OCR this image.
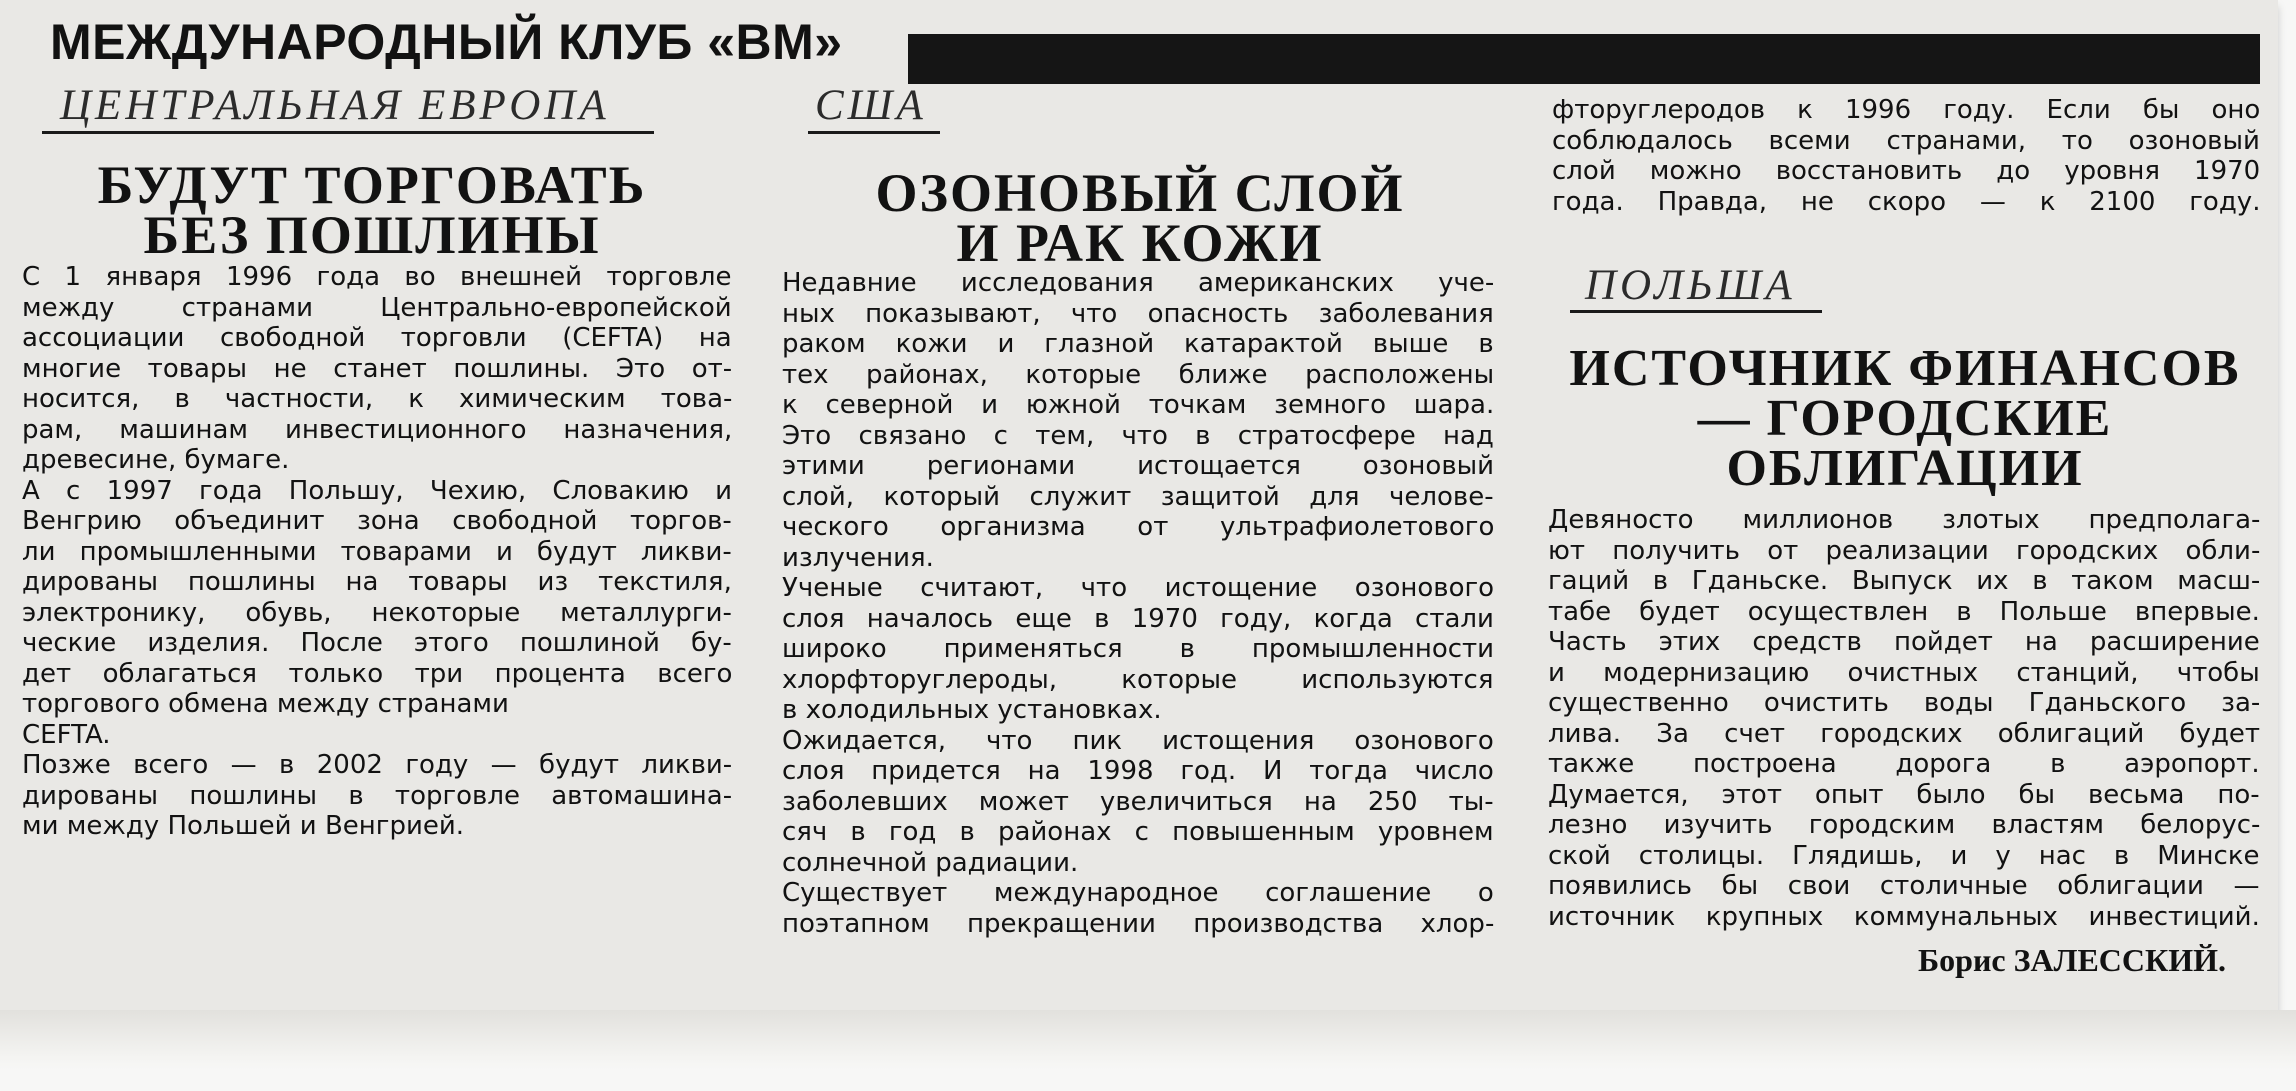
МЕЖДУНАРОДНЫЙ КЛУБ «ВМ»
ЦЕНТРАЛЬНАЯ ЕВРОПА
БУДУТ ТОРГОВАТЬ
БЕЗ ПОШЛИНЫ
С 1 января 1996 года во внешней торговле
между странами Центрально-европейской
ассоциации свободной торговли (CEFTA) на
многие товары не станет пошлины. Это от-
носится, в частности, к химическим това-
рам, машинам инвестиционного назначения,
древесине, бумаге.
А с 1997 года Польшу, Чехию, Словакию и
Венгрию объединит зона свободной торгов-
ли промышленными товарами и будут ликви-
дированы пошлины на товары из текстиля,
электронику, обувь, некоторые металлурги-
ческие изделия. После этого пошлиной бу-
дет облагаться только три процента всего
торгового обмена между странами
CEFTA.
Позже всего — в 2002 году — будут ликви-
дированы пошлины в торговле автомашина-
ми между Польшей и Венгрией.
США
ОЗОНОВЫЙ СЛОЙ
И РАК КОЖИ
Недавние исследования американских уче-
ных показывают, что опасность заболевания
раком кожи и глазной катарактой выше в
тех районах, которые ближе расположены
к северной и южной точкам земного шара.
Это связано с тем, что в стратосфере над
этими регионами истощается озоновый
слой, который служит защитой для челове-
ческого организма от ультрафиолетового
излучения.
Ученые считают, что истощение озонового
слоя началось еще в 1970 году, когда стали
широко применяться в промышленности
хлорфторуглероды, которые используются
в холодильных установках.
Ожидается, что пик истощения озонового
слоя придется на 1998 год. И тогда число
заболевших может увеличиться на 250 ты-
сяч в год в районах с повышенным уровнем
солнечной радиации.
Существует международное соглашение о
поэтапном прекращении производства хлор-
фторуглеродов к 1996 году. Если бы оно
соблюдалось всеми странами, то озоновый
слой можно восстановить до уровня 1970
года. Правда, не скоро — к 2100 году.
ПОЛЬША
ИСТОЧНИК ФИНАНСОВ
— ГОРОДСКИЕ
ОБЛИГАЦИИ
Девяносто миллионов злотых предполага-
ют получить от реализации городских обли-
гаций в Гданьске. Выпуск их в таком масш-
табе будет осуществлен в Польше впервые.
Часть этих средств пойдет на расширение
и модернизацию очистных станций, чтобы
существенно очистить воды Гданьского за-
лива. За счет городских облигаций будет
также построена дорога в аэропорт.
Думается, этот опыт было бы весьма по-
лезно изучить городским властям белорус-
ской столицы. Глядишь, и у нас в Минске
появились бы свои столичные облигации —
источник крупных коммунальных инвестиций.
Борис ЗАЛЕССКИЙ.
